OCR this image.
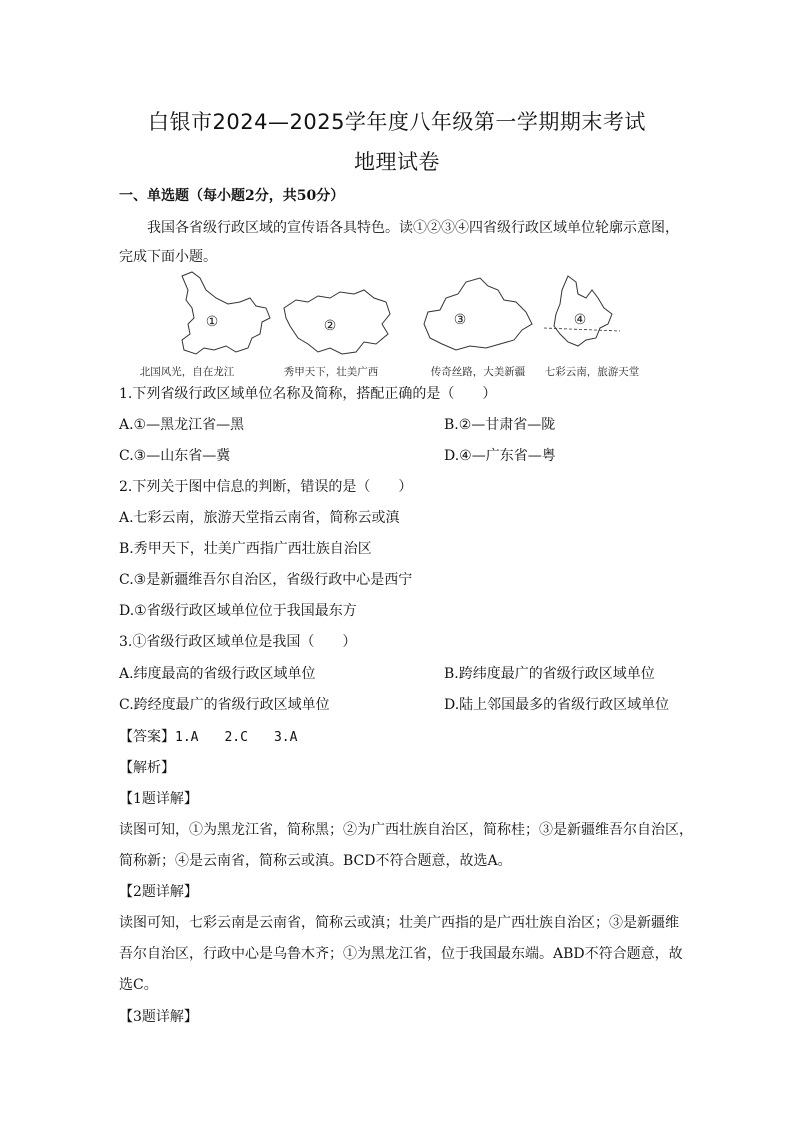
白银市2024—2025学年度八年级第一学期期末考试
地理试卷
一、单选题（每小题2分，共50分）
我国各省级行政区域的宣传语各具特色。读①②③④四省级行政区域单位轮廓示意图，
完成下面小题。
①	②	③	④
北国风光，自在龙江	秀甲天下，壮美广西	传奇丝路，大美新疆 七彩云南，旅游天堂
1.下列省级行政区域单位名称及简称，搭配正确的是（　　）
A.①—黑龙江省—黑	B.②—甘肃省—陇
C.③—山东省—冀	D.④—广东省—粤
2.下列关于图中信息的判断，错误的是（　　）
A.七彩云南，旅游天堂指云南省，简称云或滇
B.秀甲天下，壮美广西指广西壮族自治区
C.③是新疆维吾尔自治区，省级行政中心是西宁
D.①省级行政区域单位位于我国最东方
3.①省级行政区域单位是我国（　　）
A.纬度最高的省级行政区域单位	B.跨纬度最广的省级行政区域单位
C.跨经度最广的省级行政区域单位	D.陆上邻国最多的省级行政区域单位
【答案】1.A　　2.C　　3.A
【解析】
【1题详解】
读图可知，①为黑龙江省，简称黑；②为广西壮族自治区，简称桂；③是新疆维吾尔自治区，
简称新；④是云南省，简称云或滇。BCD不符合题意，故选A。
【2题详解】
读图可知，七彩云南是云南省，简称云或滇；壮美广西指的是广西壮族自治区；③是新疆维
吾尔自治区，行政中心是乌鲁木齐；①为黑龙江省，位于我国最东端。ABD不符合题意，故
选C。
【3题详解】
